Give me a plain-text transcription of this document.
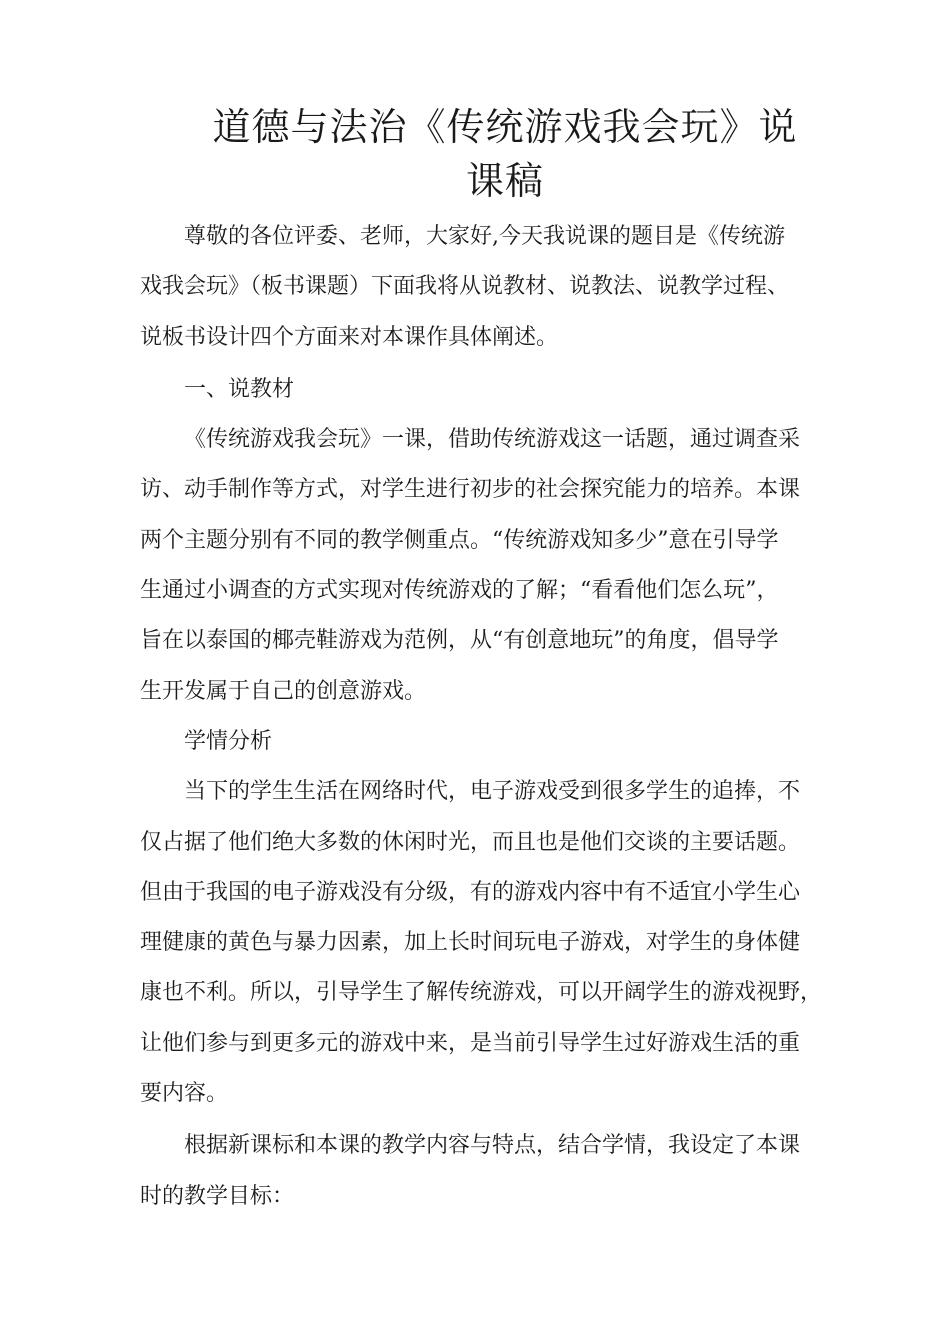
道德与法治《传统游戏我会玩》说
课稿

尊敬的各位评委、老师，大家好,今天我说课的题目是《传统游
戏我会玩》（板书课题）下面我将从说教材、说教法、说教学过程、
说板书设计四个方面来对本课作具体阐述。

一、说教材

《传统游戏我会玩》一课，借助传统游戏这一话题，通过调查采
访、动手制作等方式，对学生进行初步的社会探究能力的培养。本课
两个主题分别有不同的教学侧重点。“传统游戏知多少”意在引导学
生通过小调查的方式实现对传统游戏的了解；“看看他们怎么玩”，
旨在以泰国的椰壳鞋游戏为范例，从“有创意地玩”的角度，倡导学
生开发属于自己的创意游戏。

学情分析

当下的学生生活在网络时代，电子游戏受到很多学生的追捧，不
仅占据了他们绝大多数的休闲时光，而且也是他们交谈的主要话题。
但由于我国的电子游戏没有分级，有的游戏内容中有不适宜小学生心
理健康的黄色与暴力因素，加上长时间玩电子游戏，对学生的身体健
康也不利。所以，引导学生了解传统游戏，可以开阔学生的游戏视野，
让他们参与到更多元的游戏中来，是当前引导学生过好游戏生活的重
要内容。

根据新课标和本课的教学内容与特点，结合学情，我设定了本课
时的教学目标：
